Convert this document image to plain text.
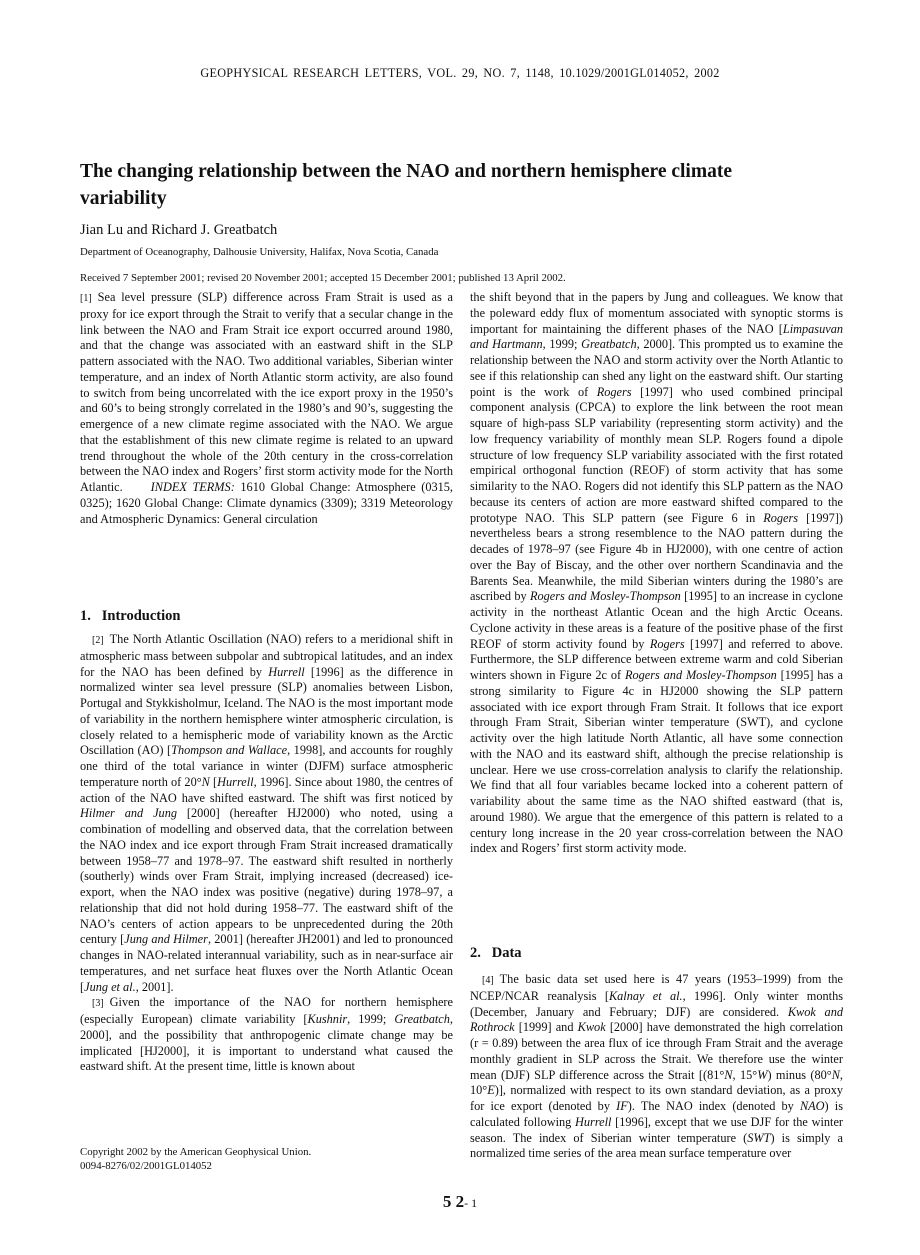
GEOPHYSICAL RESEARCH LETTERS, VOL. 29, NO. 7, 1148, 10.1029/2001GL014052, 2002
The changing relationship between the NAO and northern hemisphere climate variability
Jian Lu and Richard J. Greatbatch
Department of Oceanography, Dalhousie University, Halifax, Nova Scotia, Canada
Received 7 September 2001; revised 20 November 2001; accepted 15 December 2001; published 13 April 2002.

[1] Sea level pressure (SLP) difference across Fram Strait is used as a proxy for ice export through the Strait to verify that a secular change in the link between the NAO and Fram Strait ice export occurred around 1980, and that the change was associated with an eastward shift in the SLP pattern associated with the NAO. Two additional variables, Siberian winter temperature, and an index of North Atlantic storm activity, are also found to switch from being uncorrelated with the ice export proxy in the 1950’s and 60’s to being strongly correlated in the 1980’s and 90’s, suggesting the emergence of a new climate regime associated with the NAO. We argue that the establishment of this new climate regime is related to an upward trend throughout the whole of the 20th century in the cross-correlation between the NAO index and Rogers’ first storm activity mode for the North Atlantic.     INDEX TERMS: 1610 Global Change: Atmosphere (0315, 0325); 1620 Global Change: Climate dynamics (3309); 3319 Meteorology and Atmospheric Dynamics: General circulation

1.   Introduction

[2] The North Atlantic Oscillation (NAO) refers to a meridional shift in atmospheric mass between subpolar and subtropical latitudes, and an index for the NAO has been defined by Hurrell [1996] as the difference in normalized winter sea level pressure (SLP) anomalies between Lisbon, Portugal and Stykkisholmur, Iceland. The NAO is the most important mode of variability in the northern hemisphere winter atmospheric circulation, is closely related to a hemispheric mode of variability known as the Arctic Oscillation (AO) [Thompson and Wallace, 1998], and accounts for roughly one third of the total variance in winter (DJFM) surface atmospheric temperature north of 20°N [Hurrell, 1996]. Since about 1980, the centres of action of the NAO have shifted eastward. The shift was first noticed by Hilmer and Jung [2000] (hereafter HJ2000) who noted, using a combination of modelling and observed data, that the correlation between the NAO index and ice export through Fram Strait increased dramatically between 1958–77 and 1978–97. The eastward shift resulted in northerly (southerly) winds over Fram Strait, implying increased (decreased) ice-export, when the NAO index was positive (negative) during 1978–97, a relationship that did not hold during 1958–77. The eastward shift of the NAO’s centers of action appears to be unprecedented during the 20th century [Jung and Hilmer, 2001] (hereafter JH2001) and led to pronounced changes in NAO-related interannual variability, such as in near-surface air temperatures, and net surface heat fluxes over the North Atlantic Ocean [Jung et al., 2001].

[3] Given the importance of the NAO for northern hemisphere (especially European) climate variability [Kushnir, 1999; Greatbatch, 2000], and the possibility that anthropogenic climate change may be implicated [HJ2000], it is important to understand what caused the eastward shift. At the present time, little is known about

the shift beyond that in the papers by Jung and colleagues. We know that the poleward eddy flux of momentum associated with synoptic storms is important for maintaining the different phases of the NAO [Limpasuvan and Hartmann, 1999; Greatbatch, 2000]. This prompted us to examine the relationship between the NAO and storm activity over the North Atlantic to see if this relationship can shed any light on the eastward shift. Our starting point is the work of Rogers [1997] who used combined principal component analysis (CPCA) to explore the link between the root mean square of high-pass SLP variability (representing storm activity) and the low frequency variability of monthly mean SLP. Rogers found a dipole structure of low frequency SLP variability associated with the first rotated empirical orthogonal function (REOF) of storm activity that has some similarity to the NAO. Rogers did not identify this SLP pattern as the NAO because its centers of action are more eastward shifted compared to the prototype NAO. This SLP pattern (see Figure 6 in Rogers [1997]) nevertheless bears a strong resemblence to the NAO pattern during the decades of 1978–97 (see Figure 4b in HJ2000), with one centre of action over the Bay of Biscay, and the other over northern Scandinavia and the Barents Sea. Meanwhile, the mild Siberian winters during the 1980’s are ascribed by Rogers and Mosley-Thompson [1995] to an increase in cyclone activity in the northeast Atlantic Ocean and the high Arctic Oceans. Cyclone activity in these areas is a feature of the positive phase of the first REOF of storm activity found by Rogers [1997] and referred to above. Furthermore, the SLP difference between extreme warm and cold Siberian winters shown in Figure 2c of Rogers and Mosley-Thompson [1995] has a strong similarity to Figure 4c in HJ2000 showing the SLP pattern associated with ice export through Fram Strait. It follows that ice export through Fram Strait, Siberian winter temperature (SWT), and cyclone activity over the high latitude North Atlantic, all have some connection with the NAO and its eastward shift, although the precise relationship is unclear. Here we use cross-correlation analysis to clarify the relationship. We find that all four variables became locked into a coherent pattern of variability about the same time as the NAO shifted eastward (that is, around 1980). We argue that the emergence of this pattern is related to a century long increase in the 20 year cross-correlation between the NAO index and Rogers’ first storm activity mode.

2.   Data

[4] The basic data set used here is 47 years (1953–1999) from the NCEP/NCAR reanalysis [Kalnay et al., 1996]. Only winter months (December, January and February; DJF) are considered. Kwok and Rothrock [1999] and Kwok [2000] have demonstrated the high correlation (r = 0.89) between the area flux of ice through Fram Strait and the average monthly gradient in SLP across the Strait. We therefore use the winter mean (DJF) SLP difference across the Strait [(81°N, 15°W) minus (80°N, 10°E)], normalized with respect to its own standard deviation, as a proxy for ice export (denoted by IF). The NAO index (denoted by NAO) is calculated following Hurrell [1996], except that we use DJF for the winter season. The index of Siberian winter temperature (SWT) is simply a normalized time series of the area mean surface temperature over

Copyright 2002 by the American Geophysical Union.
0094-8276/02/2001GL014052
5 2- 1
